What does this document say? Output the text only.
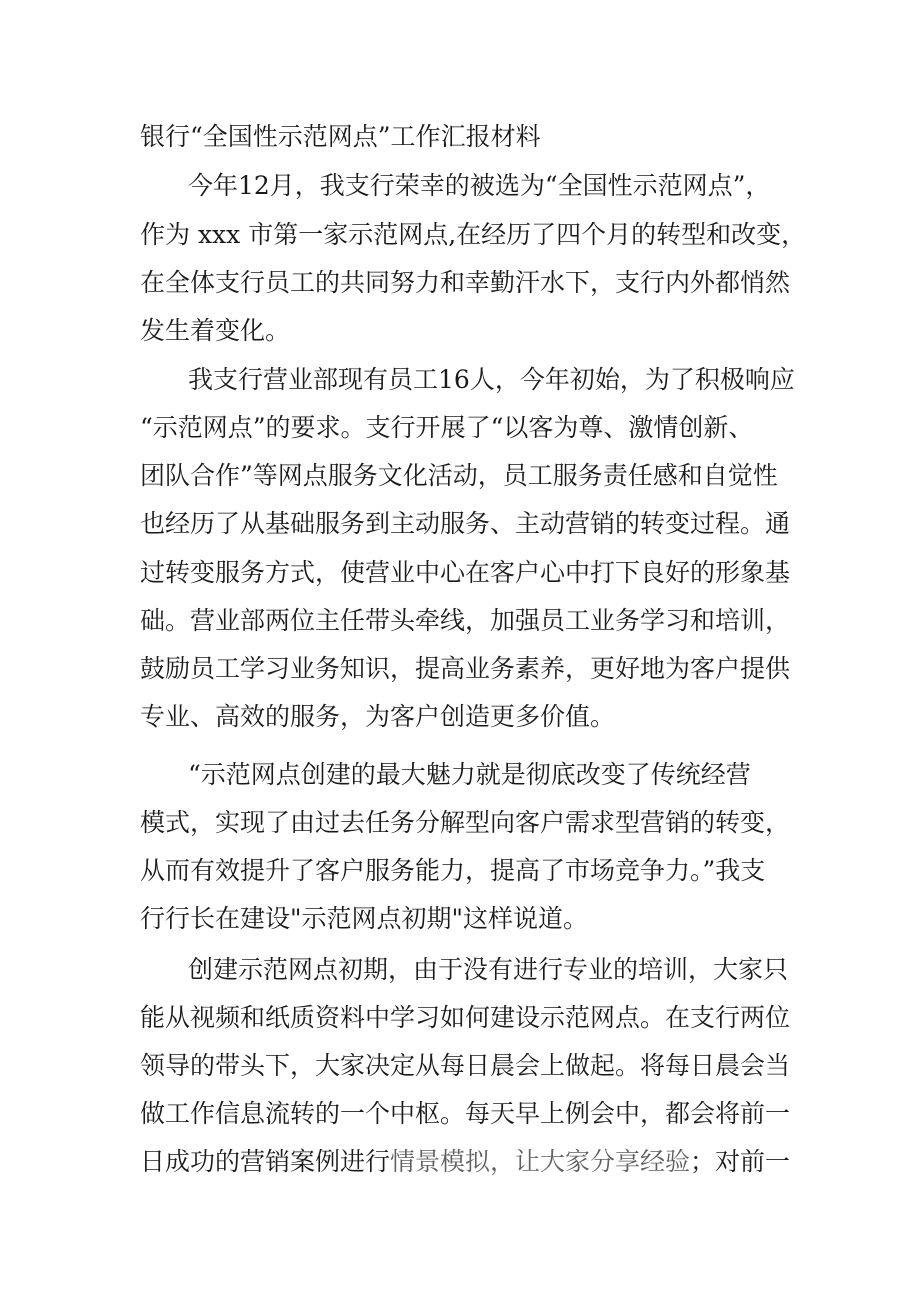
银行“全国性示范网点”工作汇报材料

今年12月，我支行荣幸的被选为“全国性示范网点”，

作为 xxx 市第一家示范网点,在经历了四个月的转型和改变，

在全体支行员工的共同努力和幸勤汗水下，支行内外都悄然

发生着变化。

我支行营业部现有员工16人，今年初始，为了积极响应

“示范网点”的要求。支行开展了“以客为尊、激情创新、

团队合作”等网点服务文化活动，员工服务责任感和自觉性

也经历了从基础服务到主动服务、主动营销的转变过程。通

过转变服务方式，使营业中心在客户心中打下良好的形象基

础。营业部两位主任带头牵线，加强员工业务学习和培训，

鼓励员工学习业务知识，提高业务素养，更好地为客户提供

专业、高效的服务，为客户创造更多价值。

“示范网点创建的最大魅力就是彻底改变了传统经营

模式，实现了由过去任务分解型向客户需求型营销的转变，

从而有效提升了客户服务能力，提高了市场竞争力。”我支

行行长在建设"示范网点初期"这样说道。

创建示范网点初期，由于没有进行专业的培训，大家只

能从视频和纸质资料中学习如何建设示范网点。在支行两位

领导的带头下，大家决定从每日晨会上做起。将每日晨会当

做工作信息流转的一个中枢。每天早上例会中，都会将前一

日成功的营销案例进行情景模拟，让大家分享经验；对前一
